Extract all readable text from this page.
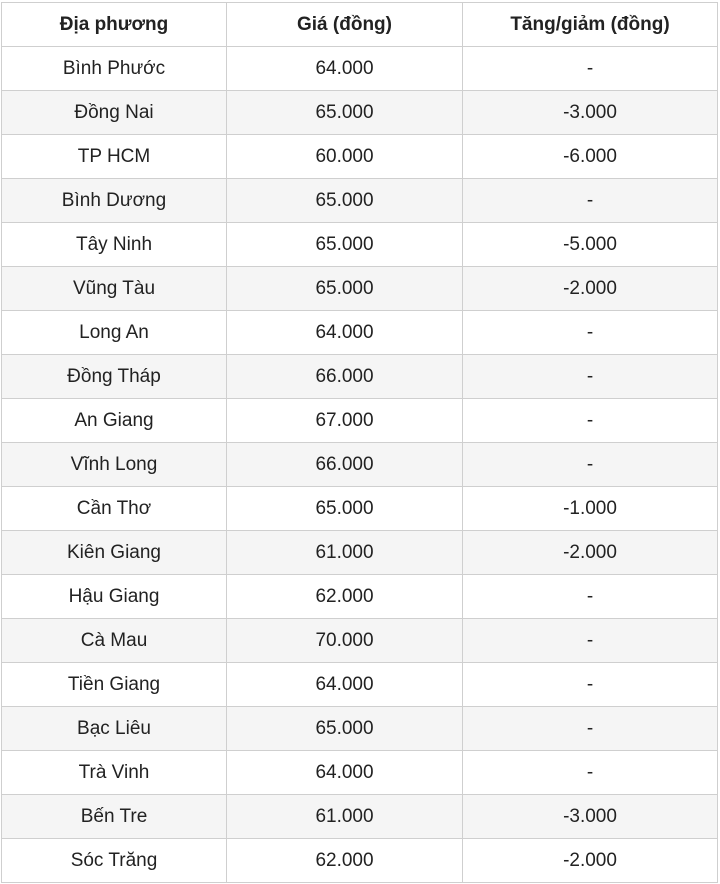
Địa phương	Giá (đồng)	Tăng/giảm (đồng)
Bình Phước	64.000	-
Đồng Nai	65.000	-3.000
TP HCM	60.000	-6.000
Bình Dương	65.000	-
Tây Ninh	65.000	-5.000
Vũng Tàu	65.000	-2.000
Long An	64.000	-
Đồng Tháp	66.000	-
An Giang	67.000	-
Vĩnh Long	66.000	-
Cần Thơ	65.000	-1.000
Kiên Giang	61.000	-2.000
Hậu Giang	62.000	-
Cà Mau	70.000	-
Tiền Giang	64.000	-
Bạc Liêu	65.000	-
Trà Vinh	64.000	-
Bến Tre	61.000	-3.000
Sóc Trăng	62.000	-2.000
